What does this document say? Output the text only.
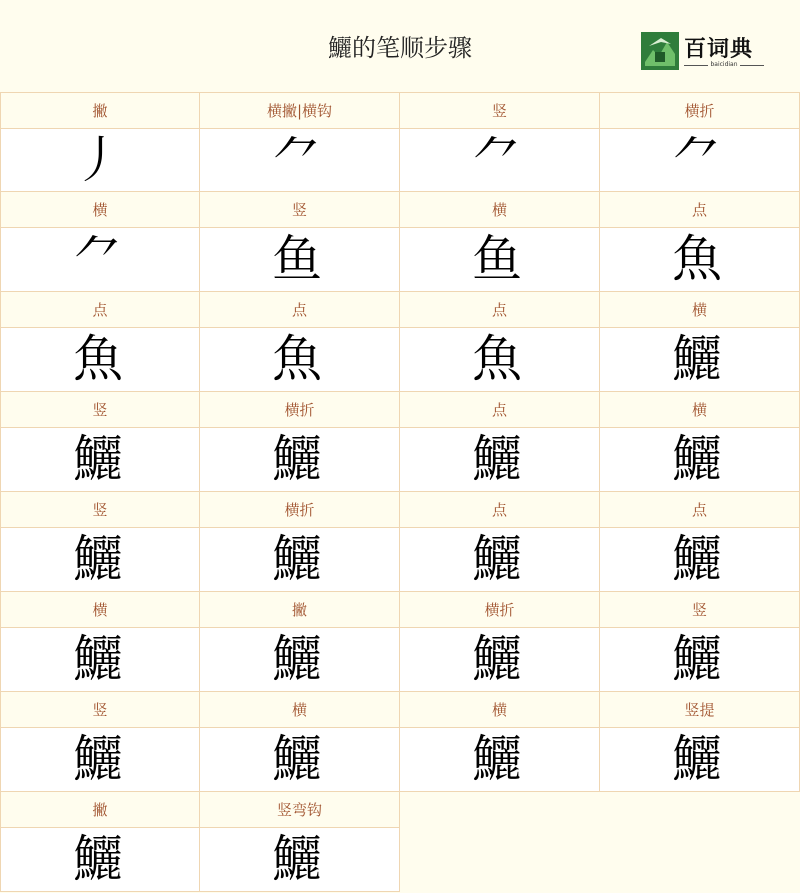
鱺的笔顺步骤	百词典
baicidian
撇
丿
横撇|横钩
⺈
竖
⺈
横折
⺈
横
⺈
竖
鱼
横
鱼
点
魚
点
魚
点
魚
点
魚
横
鱺
竖
鱺
横折
鱺
点
鱺
横
鱺
竖
鱺
横折
鱺
点
鱺
点
鱺
横
鱺
撇
鱺
横折
鱺
竖
鱺
竖
鱺
横
鱺
横
鱺
竖提
鱺
撇
鱺
竖弯钩
鱺
